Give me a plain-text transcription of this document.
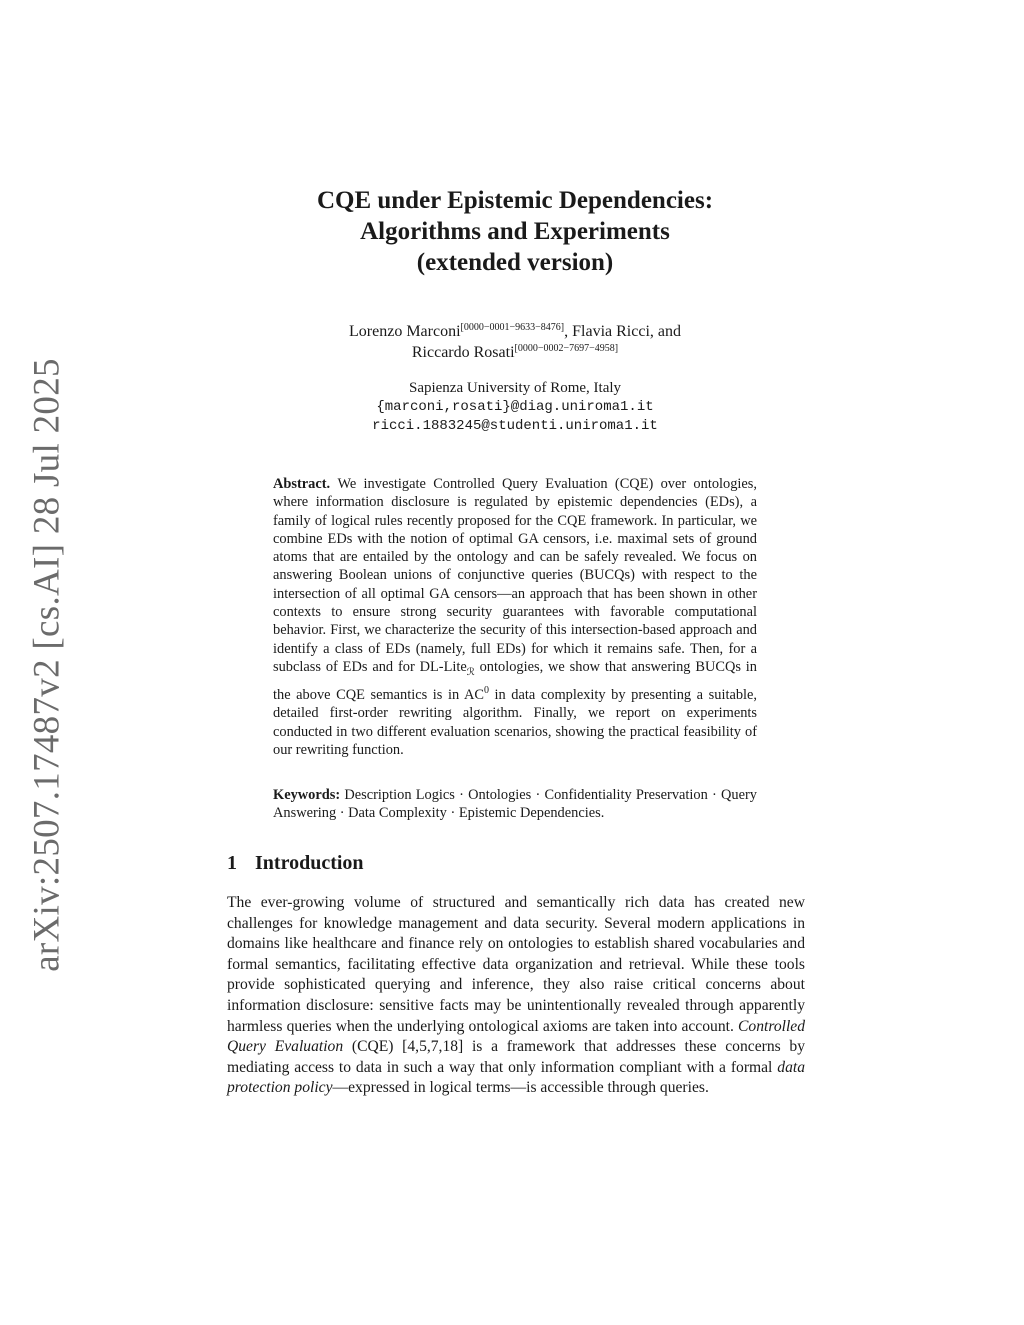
arXiv:2507.17487v2 [cs.AI] 28 Jul 2025
CQE under Epistemic Dependencies:
Algorithms and Experiments
(extended version)
Lorenzo Marconi[0000−0001−9633−8476], Flavia Ricci, and
Riccardo Rosati[0000−0002−7697−4958]
Sapienza University of Rome, Italy
{marconi,rosati}@diag.uniroma1.it
ricci.1883245@studenti.uniroma1.it
Abstract. We investigate Controlled Query Evaluation (CQE) over ontologies, where information disclosure is regulated by epistemic dependencies (EDs), a family of logical rules recently proposed for the CQE framework. In particular, we combine EDs with the notion of optimal GA censors, i.e. maximal sets of ground atoms that are entailed by the ontology and can be safely revealed. We focus on answering Boolean unions of conjunctive queries (BUCQs) with respect to the intersection of all optimal GA censors—an approach that has been shown in other contexts to ensure strong security guarantees with favorable computational behavior. First, we characterize the security of this intersection-based approach and identify a class of EDs (namely, full EDs) for which it remains safe. Then, for a subclass of EDs and for DL-Lite$_ℛ$ ontologies, we show that answering BUCQs in the above CQE semantics is in $AC^0$ in data complexity by presenting a suitable, detailed first-order rewriting algorithm. Finally, we report on experiments conducted in two different evaluation scenarios, showing the practical feasibility of our rewriting function.
Keywords: Description Logics · Ontologies · Confidentiality Preservation · Query Answering · Data Complexity · Epistemic Dependencies.
1 Introduction

The ever-growing volume of structured and semantically rich data has created new challenges for knowledge management and data security. Several modern applications in domains like healthcare and finance rely on ontologies to establish shared vocabularies and formal semantics, facilitating effective data organization and retrieval. While these tools provide sophisticated querying and inference, they also raise critical concerns about information disclosure: sensitive facts may be unintentionally revealed through apparently harmless queries when the underlying ontological axioms are taken into account. Controlled Query Evaluation (CQE) [4,5,7,18] is a framework that addresses these concerns by mediating access to data in such a way that only information compliant with a formal data protection policy—expressed in logical terms—is accessible through queries.
